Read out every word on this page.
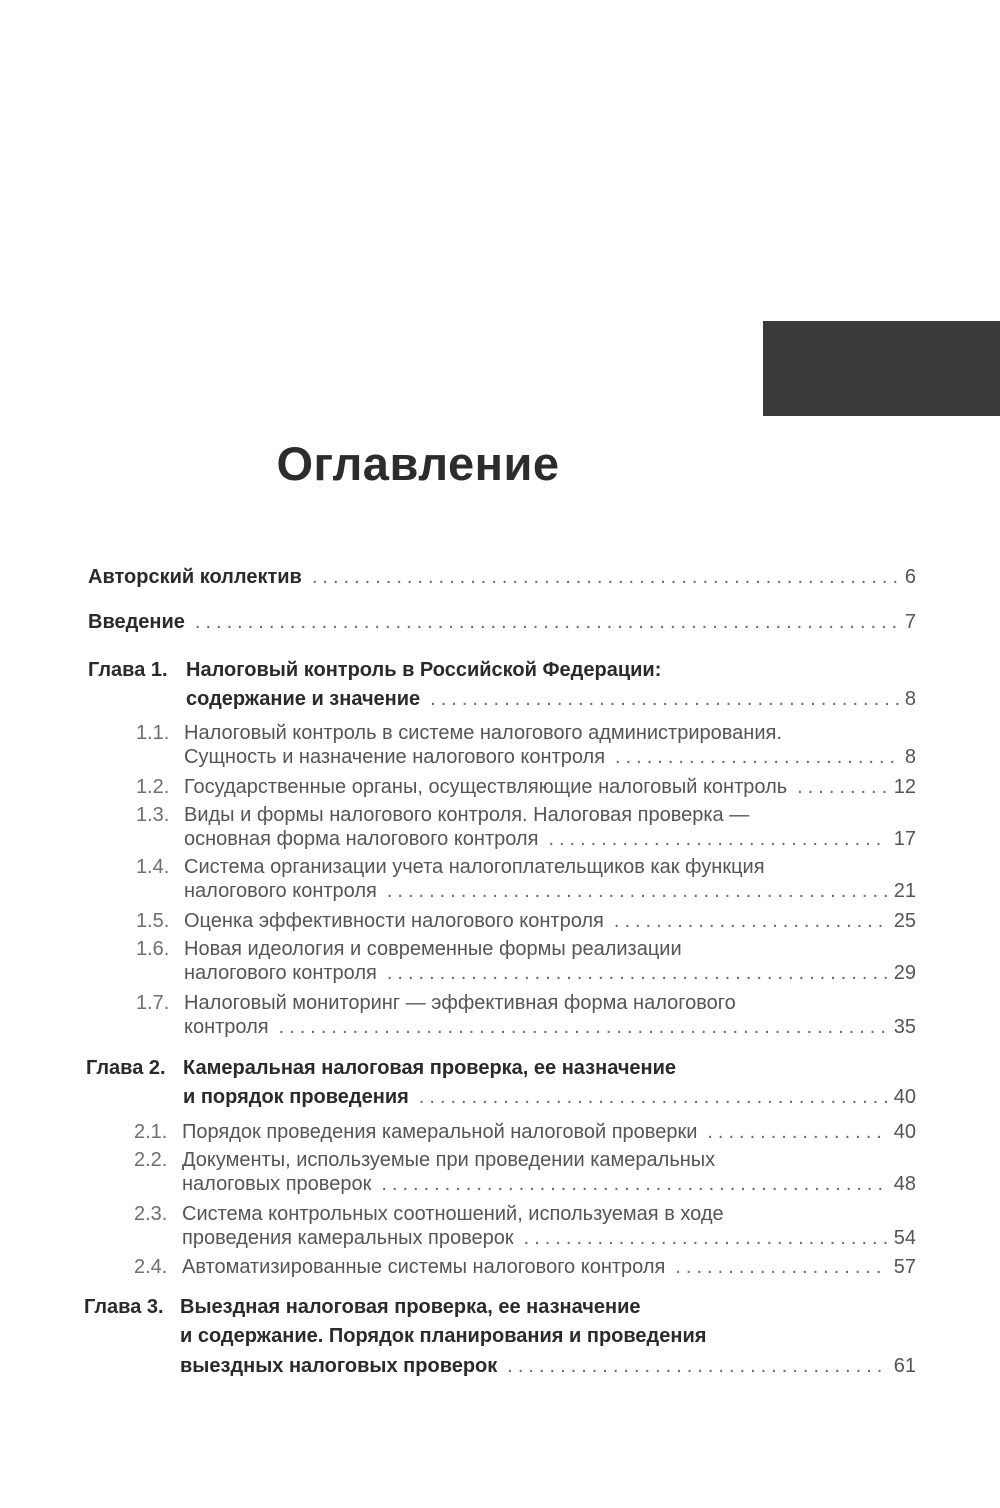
Оглавление
Авторский коллектив .....	6
Введение .....	7
Глава 1. Налоговый контроль в Российской Федерации:
содержание и значение .....	8
1.1. Налоговый контроль в системе налогового администрирования.
Сущность и назначение налогового контроля .....	8
1.2. Государственные органы, осуществляющие налоговый контроль .....	12
1.3. Виды и формы налогового контроля. Налоговая проверка —
основная форма налогового контроля .....	17
1.4. Система организации учета налогоплательщиков как функция
налогового контроля .....	21
1.5. Оценка эффективности налогового контроля .....	25
1.6. Новая идеология и современные формы реализации
налогового контроля .....	29
1.7. Налоговый мониторинг — эффективная форма налогового
контроля .....	35
Глава 2. Камеральная налоговая проверка, ее назначение
и порядок проведения .....	40
2.1. Порядок проведения камеральной налоговой проверки .....	40
2.2. Документы, используемые при проведении камеральных
налоговых проверок .....	48
2.3. Система контрольных соотношений, используемая в ходе
проведения камеральных проверок .....	54
2.4. Автоматизированные системы налогового контроля .....	57
Глава 3. Выездная налоговая проверка, ее назначение
и содержание. Порядок планирования и проведения
выездных налоговых проверок .....	61
